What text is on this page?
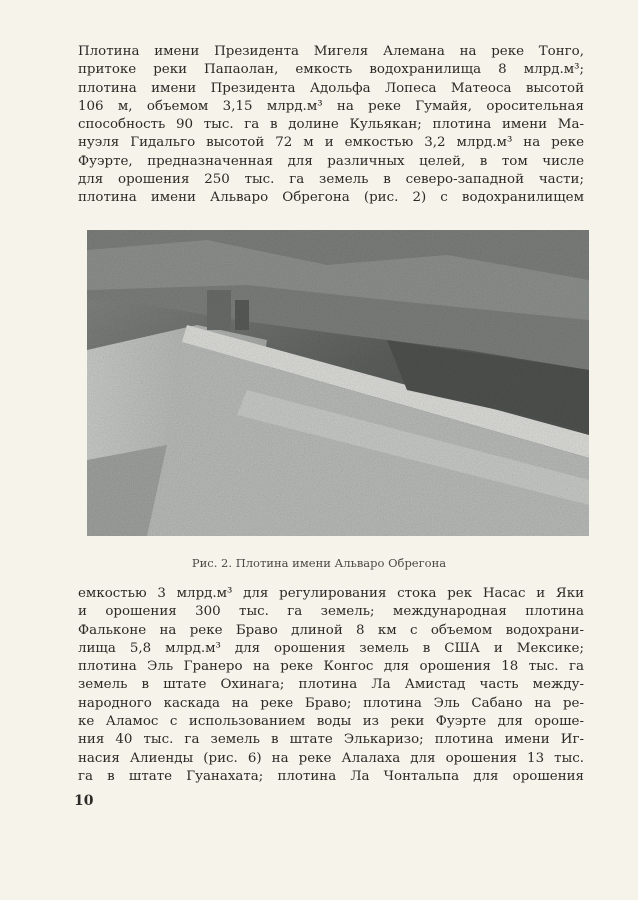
Плотина имени Президента Мигеля Алемана на реке Тонго,
притоке реки Папаолан, емкость водохранилища 8 млрд.м³;
плотина имени Президента Адольфа Лопеса Матеоса высотой
106 м, объемом 3,15 млрд.м³ на реке Гумайя, оросительная
способность 90 тыс. га в долине Кульякан; плотина имени Ма-
нуэля Гидальго высотой 72 м и емкостью 3,2 млрд.м³ на реке
Фуэрте, предназначенная для различных целей, в том числе
для орошения 250 тыс. га земель в северо-западной части;
плотина имени Альваро Обрегона (рис. 2) с водохранилищем

Рис. 2. Плотина имени Альваро Обрегона

емкостью 3 млрд.м³ для регулирования стока рек Насас и Яки
и орошения 300 тыс. га земель; международная плотина
Фальконе на реке Браво длиной 8 км с объемом водохрани-
лища 5,8 млрд.м³ для орошения земель в США и Мексике;
плотина Эль Гранеро на реке Конгос для орошения 18 тыс. га
земель в штате Охинага; плотина Ла Амистад часть между-
народного каскада на реке Браво; плотина Эль Сабано на ре-
ке Аламос с использованием воды из реки Фуэрте для ороше-
ния 40 тыс. га земель в штате Элькаризо; плотина имени Иг-
насия Алиенды (рис. 6) на реке Алалаха для орошения 13 тыс.
га в штате Гуанахата; плотина Ла Чонтальпа для орошения

10
